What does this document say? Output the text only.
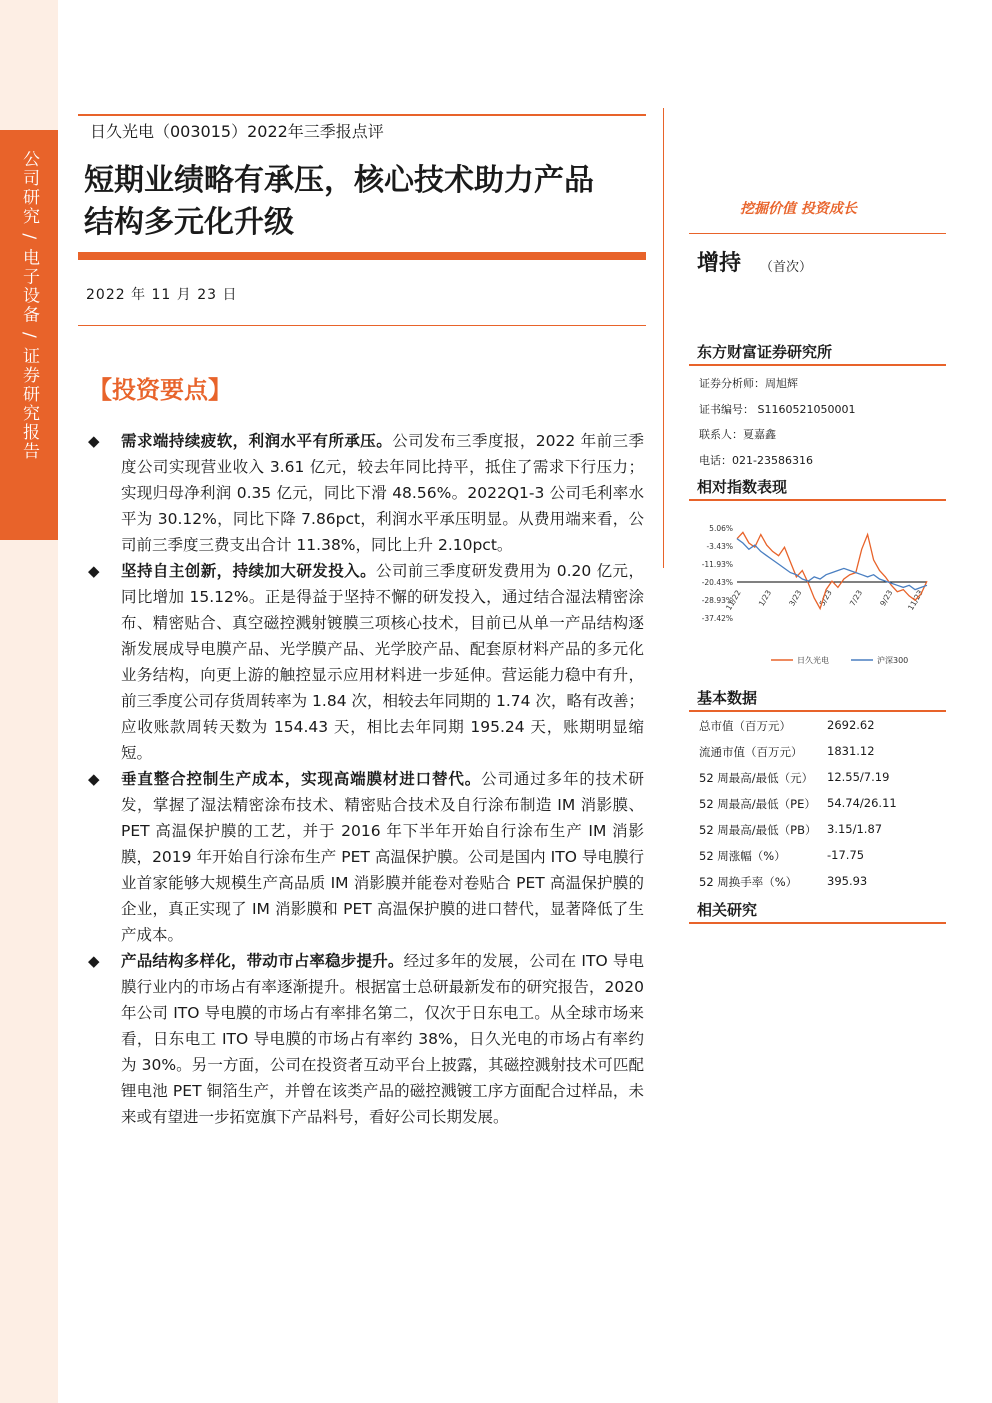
公司研究 / 电子设备 / 证券研究报告
日久光电（003015）2022年三季报点评
短期业绩略有承压，核心技术助力产品
结构多元化升级
2022 年 11 月 23 日
【投资要点】
◆ 需求端持续疲软，利润水平有所承压。公司发布三季度报，2022 年前三季度公司实现营业收入 3.61 亿元，较去年同比持平，抵住了需求下行压力；实现归母净利润 0.35 亿元，同比下滑 48.56%。2022Q1-3 公司毛利率水平为 30.12%，同比下降 7.86pct，利润水平承压明显。从费用端来看，公司前三季度三费支出合计 11.38%，同比上升 2.10pct。
◆ 坚持自主创新，持续加大研发投入。公司前三季度研发费用为 0.20 亿元，同比增加 15.12%。正是得益于坚持不懈的研发投入，通过结合湿法精密涂布、精密贴合、真空磁控溅射镀膜三项核心技术，目前已从单一产品结构逐渐发展成导电膜产品、光学膜产品、光学胶产品、配套原材料产品的多元化业务结构，向更上游的触控显示应用材料进一步延伸。营运能力稳中有升，前三季度公司存货周转率为 1.84 次，相较去年同期的 1.74 次，略有改善；应收账款周转天数为 154.43 天，相比去年同期 195.24 天，账期明显缩短。
◆ 垂直整合控制生产成本，实现高端膜材进口替代。公司通过多年的技术研发，掌握了湿法精密涂布技术、精密贴合技术及自行涂布制造 IM 消影膜、PET 高温保护膜的工艺，并于 2016 年下半年开始自行涂布生产 IM 消影膜，2019 年开始自行涂布生产 PET 高温保护膜。公司是国内 ITO 导电膜行业首家能够大规模生产高品质 IM 消影膜并能卷对卷贴合 PET 高温保护膜的企业，真正实现了 IM 消影膜和 PET 高温保护膜的进口替代，显著降低了生产成本。
◆ 产品结构多样化，带动市占率稳步提升。经过多年的发展，公司在 ITO 导电膜行业内的市场占有率逐渐提升。根据富士总研最新发布的研究报告，2020 年公司 ITO 导电膜的市场占有率排名第二，仅次于日东电工。从全球市场来看，日东电工 ITO 导电膜的市场占有率约 38%，日久光电的市场占有率约为 30%。另一方面，公司在投资者互动平台上披露，其磁控溅射技术可匹配锂电池 PET 铜箔生产，并曾在该类产品的磁控溅镀工序方面配合过样品，未来或有望进一步拓宽旗下产品料号，看好公司长期发展。
挖掘价值 投资成长
增持 （首次）
东方财富证券研究所
证券分析师：周旭辉
证书编号： S1160521050001
联系人：夏嘉鑫
电话：021-23586316
相对指数表现
5.06%
-3.43%
-11.93%
-20.43%
-28.93%
-37.42%
11/22 1/23 3/23 5/23 7/23 9/23 11/23
日久光电	沪深300
基本数据
总市值（百万元）	2692.62
流通市值（百万元） 1831.12
52 周最高/最低（元） 12.55/7.19
52 周最高/最低（PE） 54.74/26.11
52 周最高/最低（PB） 3.15/1.87
52 周涨幅（%）	-17.75
52 周换手率（%）	395.93
相关研究
